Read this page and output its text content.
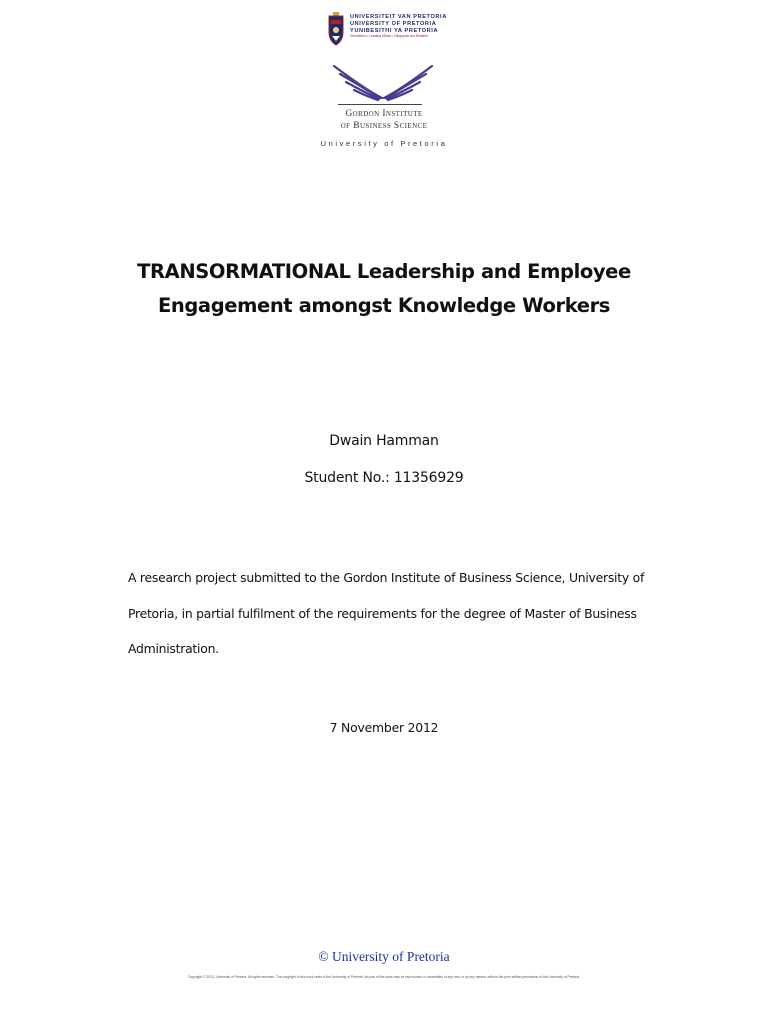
UNIVERSITEIT VAN PRETORIA
UNIVERSITY OF PRETORIA
YUNIBESITHI YA PRETORIA
Denkleiers • Leading Minds • Dikgopolo tša Dihlalefi
Gordon Institute
of Business Science
University of Pretoria
TRANSORMATIONAL Leadership and Employee
Engagement amongst Knowledge Workers
Dwain Hamman
Student No.: 11356929

A research project submitted to the Gordon Institute of Business Science, University of
Pretoria, in partial fulfilment of the requirements for the degree of Master of Business
Administration.

7 November 2012
© University of Pretoria
Copyright © 2013, University of Pretoria. All rights reserved. The copyright in this work vests in the University of Pretoria. No part of this work may be reproduced or transmitted in any form or by any means, without the prior written permission of the University of Pretoria.
